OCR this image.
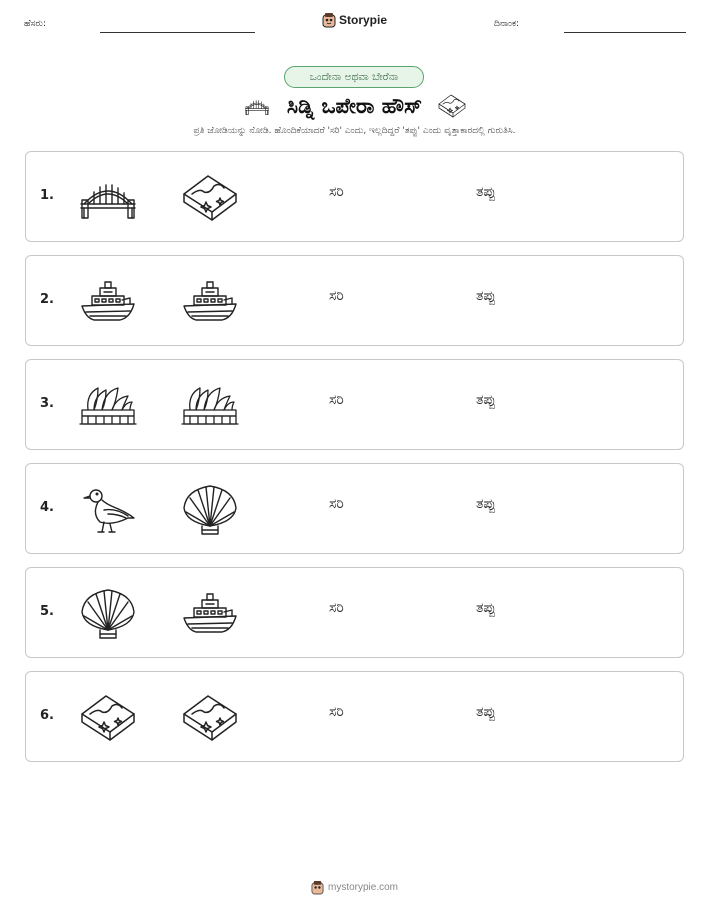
ಹೆಸರು:	Storypie	ದಿನಾಂಕ:
ಒಂದೇನಾ ಅಥವಾ ಬೇರೆನಾ
ಸಿಡ್ನಿ ಒಪೇರಾ ಹೌಸ್
ಪ್ರತಿ ಜೋಡಿಯನ್ನು ನೋಡಿ. ಹೊಂದಿಕೆಯಾದರೆ 'ಸರಿ' ಎಂದು, ಇಲ್ಲದಿದ್ದರೆ 'ತಪ್ಪು' ಎಂದು ವೃತ್ತಾಕಾರದಲ್ಲಿ ಗುರುತಿಸಿ.
1.	ಸರಿ	ತಪ್ಪು
2.	ಸರಿ	ತಪ್ಪು
3.	ಸರಿ	ತಪ್ಪು
4.	ಸರಿ	ತಪ್ಪು
5.	ಸರಿ	ತಪ್ಪು
6.	ಸರಿ	ತಪ್ಪು
mystorypie.com
